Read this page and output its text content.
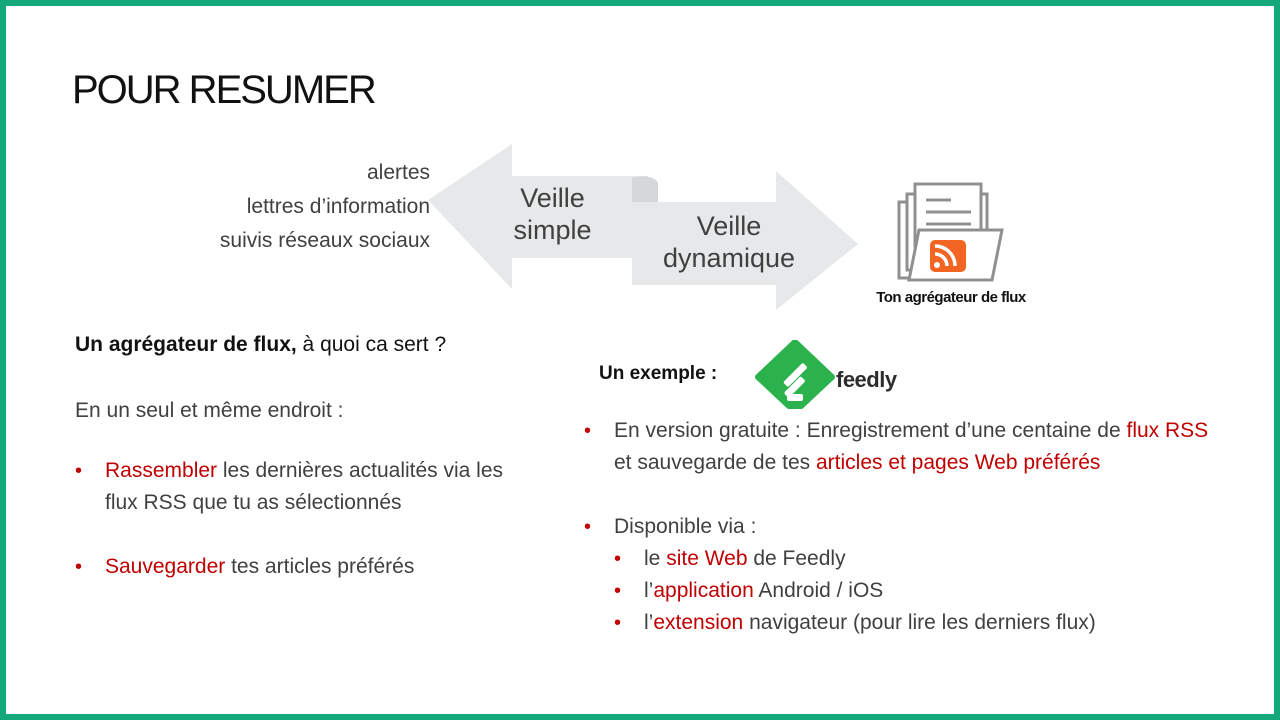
POUR RESUMER
alertes
lettres d’information
suivis réseaux sociaux
Veille
simple	Veille
dynamique
Ton agrégateur de flux
Un agrégateur de flux, à quoi ca sert ?
En un seul et même endroit :
• Rassembler les dernières actualités via les flux RSS que tu as sélectionnés
• Sauvegarder tes articles préférés
Un exemple :	feedly
• En version gratuite : Enregistrement d’une centaine de flux RSS et sauvegarde de tes articles et pages Web préférés
• Disponible via :
• le site Web de Feedly
• l’application Android / iOS
• l’extension navigateur (pour lire les derniers flux)
